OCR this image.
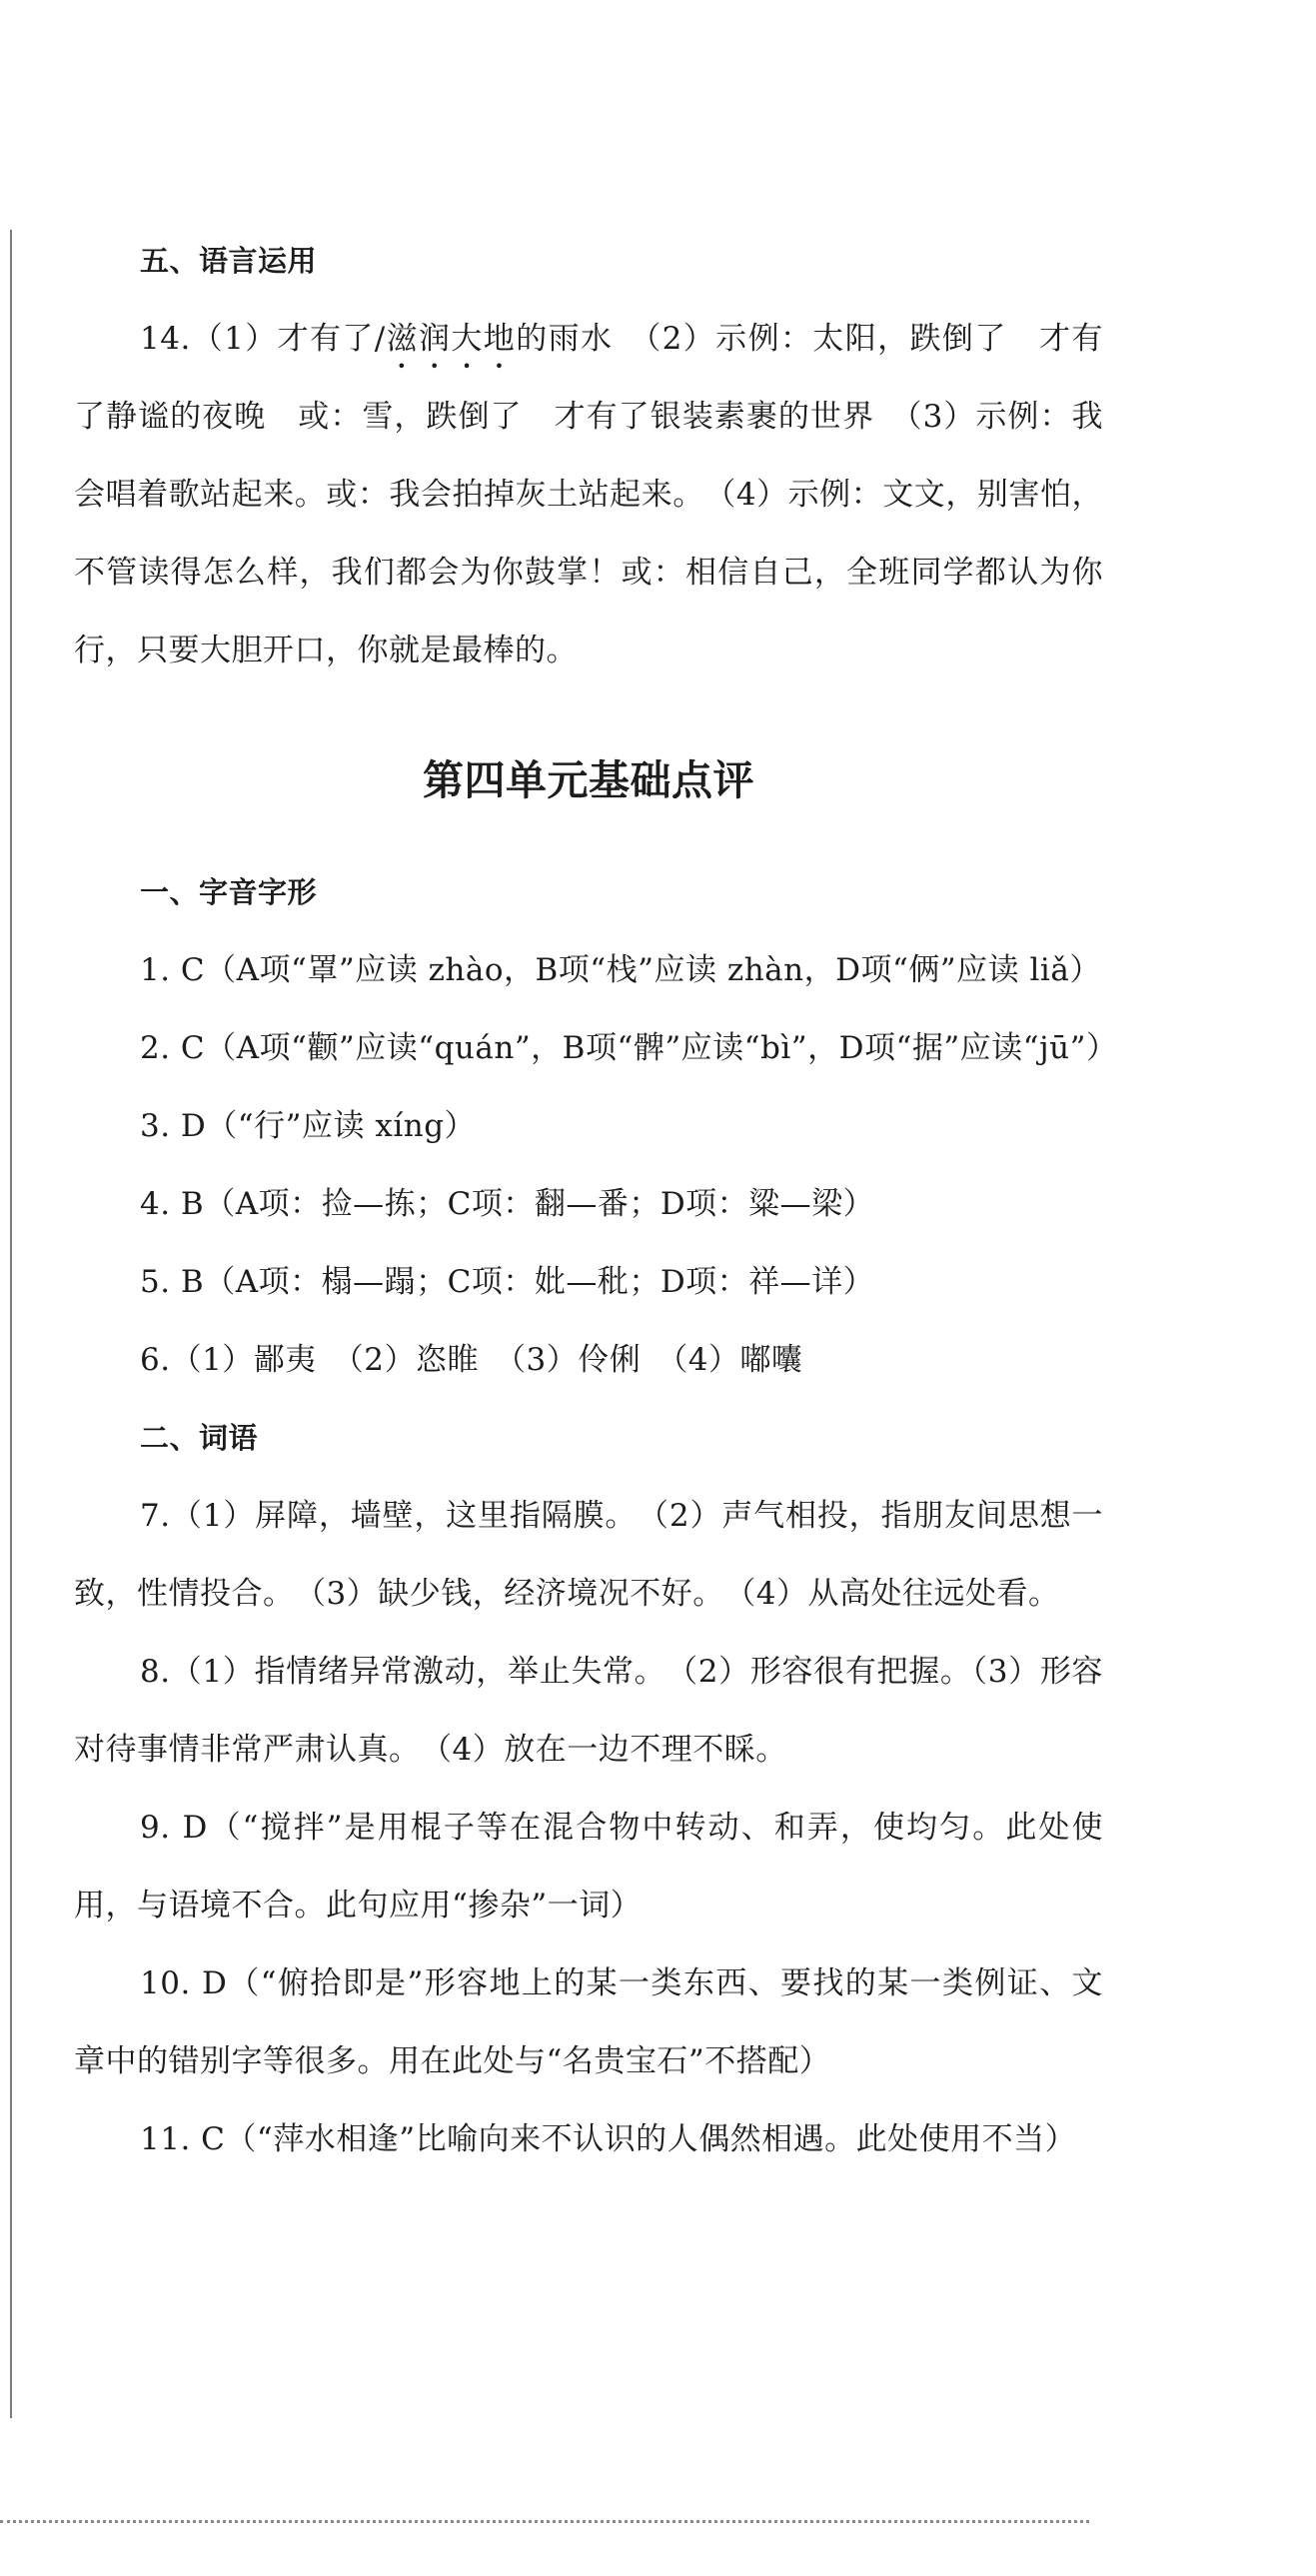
五、语言运用

14.（1）才有了/滋润大地的雨水　（2）示例：太阳，跌倒了　才有了静谧的夜晚　或：雪，跌倒了　才有了银装素裹的世界　（3）示例：我会唱着歌站起来。或：我会拍掉灰土站起来。　（4）示例：文文，别害怕，不管读得怎么样，我们都会为你鼓掌！或：相信自己，全班同学都认为你行，只要大胆开口，你就是最棒的。

第四单元基础点评

一、字音字形

1. C（A项“罩”应读 zhào，B项“栈”应读 zhàn，D项“俩”应读 liǎ）

2. C（A项“颧”应读“quán”，B项“髀”应读“bì”，D项“据”应读“jū”）

3. D（“行”应读 xíng）

4. B（A项：捡—拣；C项：翻—番；D项：粱—梁）

5. B（A项：榻—蹋；C项：妣—秕；D项：祥—详）

6.（1）鄙夷　（2）恣睢　（3）伶俐　（4）嘟囔

二、词语

7.（1）屏障，墙壁，这里指隔膜。　（2）声气相投，指朋友间思想一致，性情投合。　（3）缺少钱，经济境况不好。　（4）从高处往远处看。

8.（1）指情绪异常激动，举止失常。　（2）形容很有把握。（3）形容对待事情非常严肃认真。　（4）放在一边不理不睬。

9. D（“搅拌”是用棍子等在混合物中转动、和弄，使均匀。此处使用，与语境不合。此句应用“掺杂”一词）

10. D（“俯拾即是”形容地上的某一类东西、要找的某一类例证、文章中的错别字等很多。用在此处与“名贵宝石”不搭配）

11. C（“萍水相逢”比喻向来不认识的人偶然相遇。此处使用不当）
